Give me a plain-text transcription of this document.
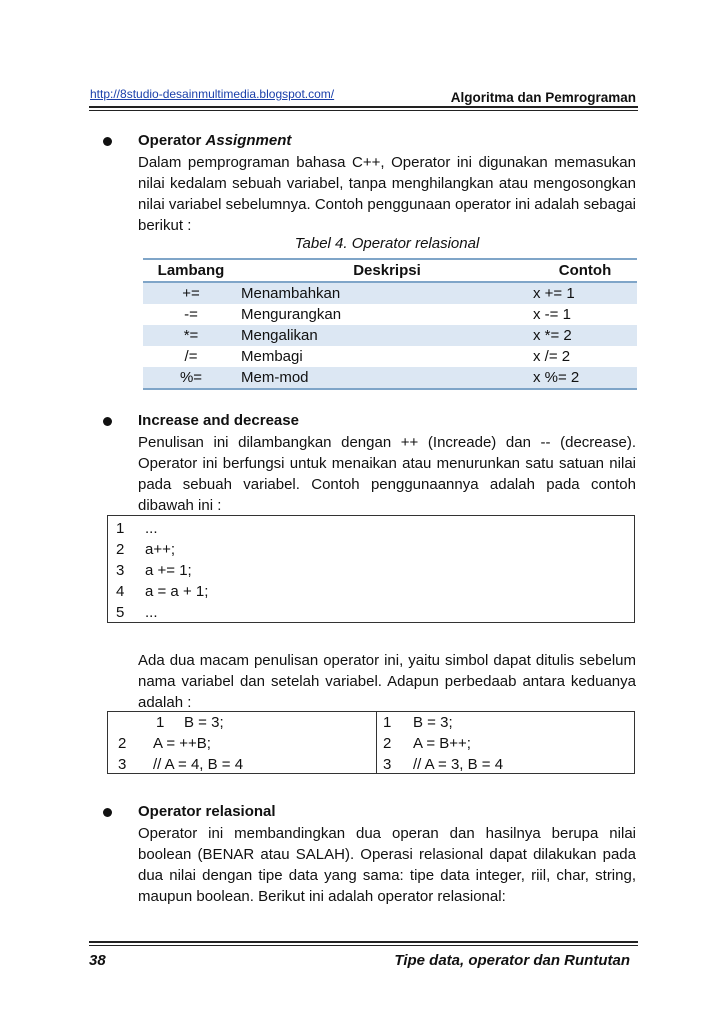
http://8studio-desainmultimedia.blogspot.com/	Algoritma dan Pemrograman
Operator Assignment
Dalam pemprograman bahasa C++, Operator ini digunakan memasukan nilai kedalam sebuah variabel, tanpa menghilangkan atau mengosongkan nilai variabel sebelumnya. Contoh penggunaan operator ini adalah sebagai berikut :
Tabel 4. Operator relasional
Lambang	Deskripsi	Contoh
+=	Menambahkan	x += 1
-=	Mengurangkan	x -= 1
*=	Mengalikan	x *= 2
/=	Membagi	x /= 2
%=	Mem-mod	x %= 2
Increase and decrease
Penulisan ini dilambangkan dengan ++ (Increade) dan -- (decrease). Operator ini berfungsi untuk menaikan atau menurunkan satu satuan nilai pada sebuah variabel. Contoh penggunaannya adalah pada contoh dibawah ini :
1 ...
2 a++;
3 a += 1;
4 a = a + 1;
5 ...
Ada dua macam penulisan operator ini, yaitu simbol dapat ditulis sebelum nama variabel dan setelah variabel. Adapun perbedaab antara keduanya adalah :
1 B = 3;
2 A = ++B;
3 // A = 4, B = 4
1 B = 3;
2 A = B++;
3 // A = 3, B = 4
Operator relasional
Operator ini membandingkan dua operan dan hasilnya berupa nilai boolean (BENAR atau SALAH). Operasi relasional dapat dilakukan pada dua nilai dengan tipe data yang sama: tipe data integer, riil, char, string, maupun boolean. Berikut ini adalah operator relasional:
38	Tipe data, operator dan Runtutan
